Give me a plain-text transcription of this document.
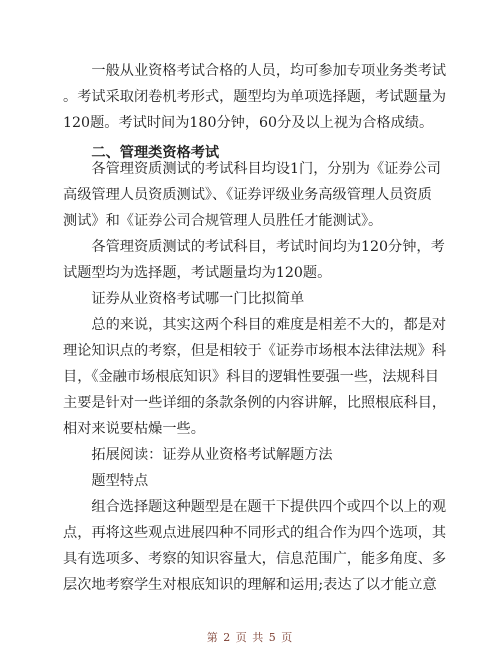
　　一般从业资格考试合格的人员，均可参加专项业务类考试
。考试采取闭卷机考形式，题型均为单项选择题，考试题量为
120题。考试时间为180分钟，60分及以上视为合格成绩。
　　二、管理类资格考试
　　各管理资质测试的考试科目均设1门，分别为《证券公司
高级管理人员资质测试》、《证券评级业务高级管理人员资质
测试》和《证券公司合规管理人员胜任才能测试》。
　　各管理资质测试的考试科目，考试时间均为120分钟，考
试题型均为选择题，考试题量均为120题。
　　证券从业资格考试哪一门比拟简单
　　总的来说，其实这两个科目的难度是相差不大的，都是对
理论知识点的考察，但是相较于《证券市场根本法律法规》科
目，《金融市场根底知识》科目的逻辑性要强一些，法规科目
主要是针对一些详细的条款条例的内容讲解，比照根底科目，
相对来说要枯燥一些。
　　拓展阅读：证券从业资格考试解题方法
　　题型特点
　　组合选择题这种题型是在题干下提供四个或四个以上的观
点，再将这些观点进展四种不同形式的组合作为四个选项，其
具有选项多、考察的知识容量大，信息范围广，能多角度、多
层次地考察学生对根底知识的理解和运用;表达了以才能立意
第 2 页 共 5 页
